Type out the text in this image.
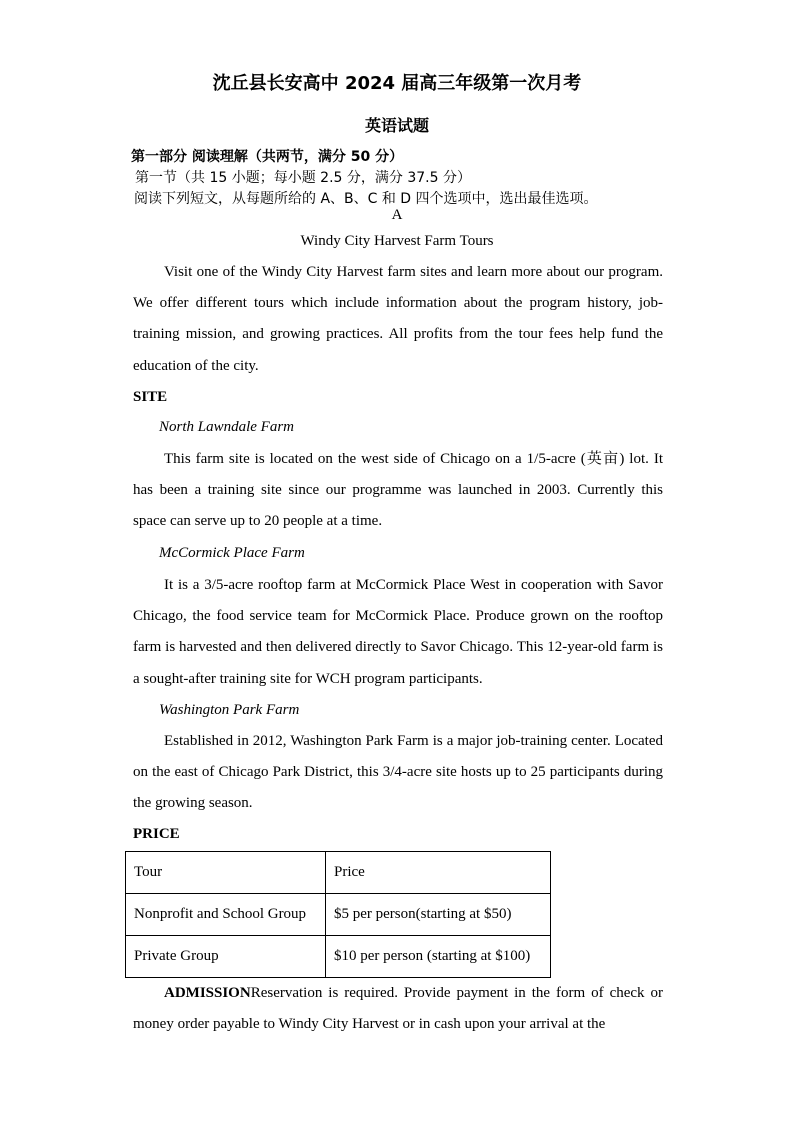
沈丘县长安高中 2024 届高三年级第一次月考
英语试题
第一部分 阅读理解（共两节，满分 50 分）
第一节（共 15 小题；每小题 2.5 分，满分 37.5 分）
阅读下列短文，从每题所给的 A、B、C 和 D 四个选项中，选出最佳选项。
A
Windy City Harvest Farm Tours
Visit one of the Windy City Harvest farm sites and learn more about our program. We offer different tours which include information about the program history, job-training mission, and growing practices. All profits from the tour fees help fund the education of the city.
SITE
North Lawndale Farm
This farm site is located on the west side of Chicago on a 1/5-acre (英亩) lot. It has been a training site since our programme was launched in 2003. Currently this space can serve up to 20 people at a time.
McCormick Place Farm
It is a 3/5-acre rooftop farm at McCormick Place West in cooperation with Savor Chicago, the food service team for McCormick Place. Produce grown on the rooftop farm is harvested and then delivered directly to Savor Chicago. This 12-year-old farm is a sought-after training site for WCH program participants.
Washington Park Farm
Established in 2012, Washington Park Farm is a major job-training center. Located on the east of Chicago Park District, this 3/4-acre site hosts up to 25 participants during the growing season.
PRICE
Tour	Price
Nonprofit and School Group	$5 per person(starting at $50)
Private Group	$10 per person (starting at $100)
ADMISSIONReservation is required. Provide payment in the form of check or money order payable to Windy City Harvest or in cash upon your arrival at the
